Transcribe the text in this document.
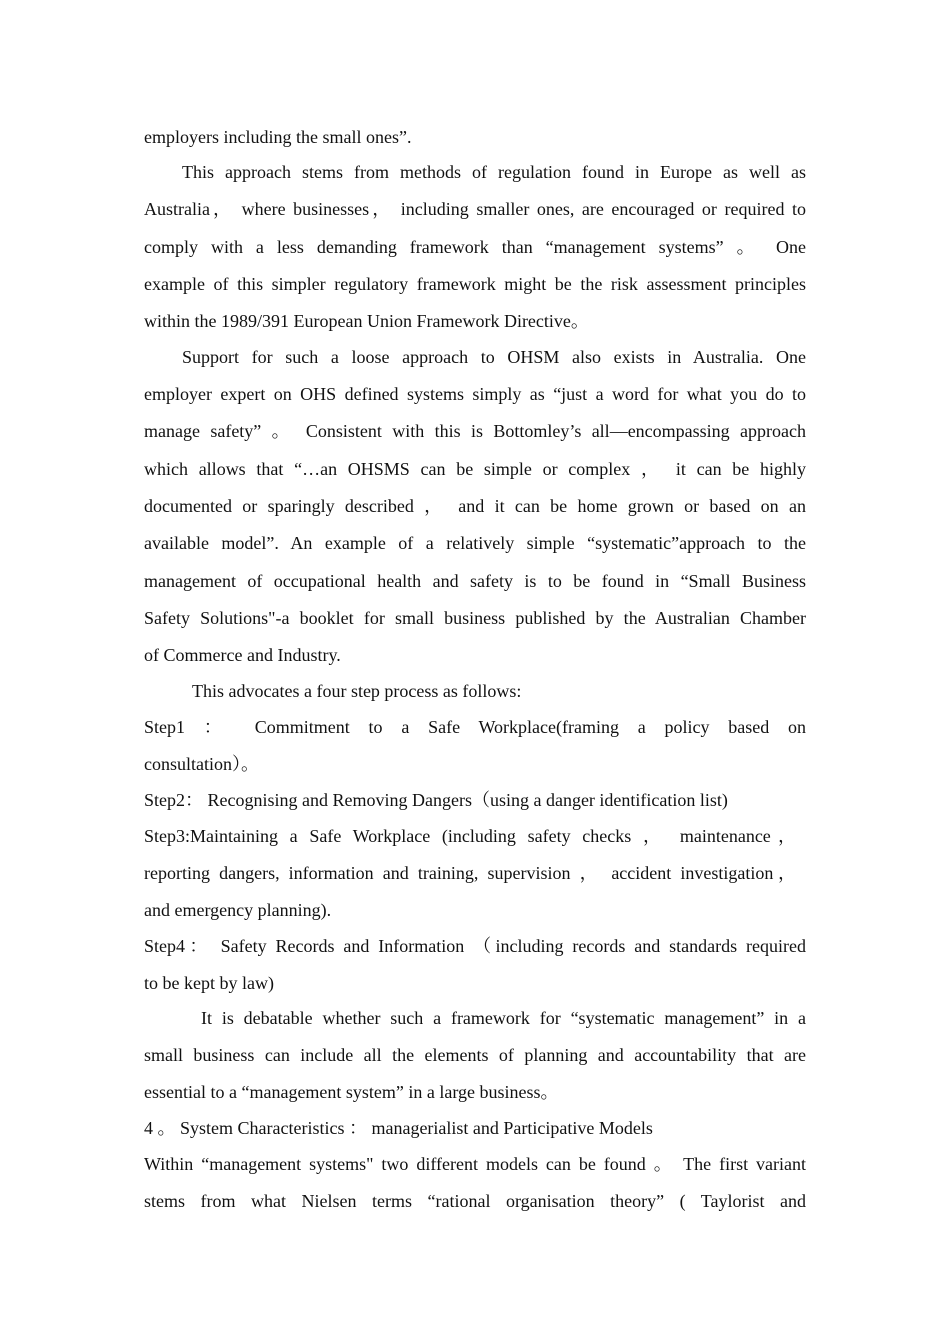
employers including the small ones”.
This approach stems from methods of regulation found in Europe as well as
Australia， where businesses， including smaller ones, are encouraged or required to
comply with a less demanding framework than “management systems” 。 One
example of this simpler regulatory framework might be the risk assessment principles
within the 1989/391 European Union Framework Directive。
Support for such a loose approach to OHSM also exists in Australia. One
employer expert on OHS defined systems simply as “just a word for what you do to
manage safety” 。 Consistent with this is Bottomley’s all—encompassing approach
which allows that “…an OHSMS can be simple or complex ， it can be highly
documented or sparingly described ， and it can be home grown or based on an
available model”. An example of a relatively simple “systematic”approach to the
management of occupational health and safety is to be found in “Small Business
Safety Solutions"-a booklet for small business published by the Australian Chamber
of Commerce and Industry.
This advocates a four step process as follows:
Step1 ： Commitment to a Safe Workplace(framing a policy based on
consultation）。
Step2： Recognising and Removing Dangers（using a danger identification list)
Step3:Maintaining a Safe Workplace (including safety checks ， maintenance，
reporting dangers, information and training, supervision ， accident investigation，
and emergency planning).
Step4： Safety Records and Information （including records and standards required
to be kept by law)
It is debatable whether such a framework for “systematic management” in a
small business can include all the elements of planning and accountability that are
essential to a “management system” in a large business。
4 。 System Characteristics ： managerialist and Participative Models
Within “management systems" two different models can be found 。 The first variant
stems from what Nielsen terms “rational organisation theory” ( Taylorist and
